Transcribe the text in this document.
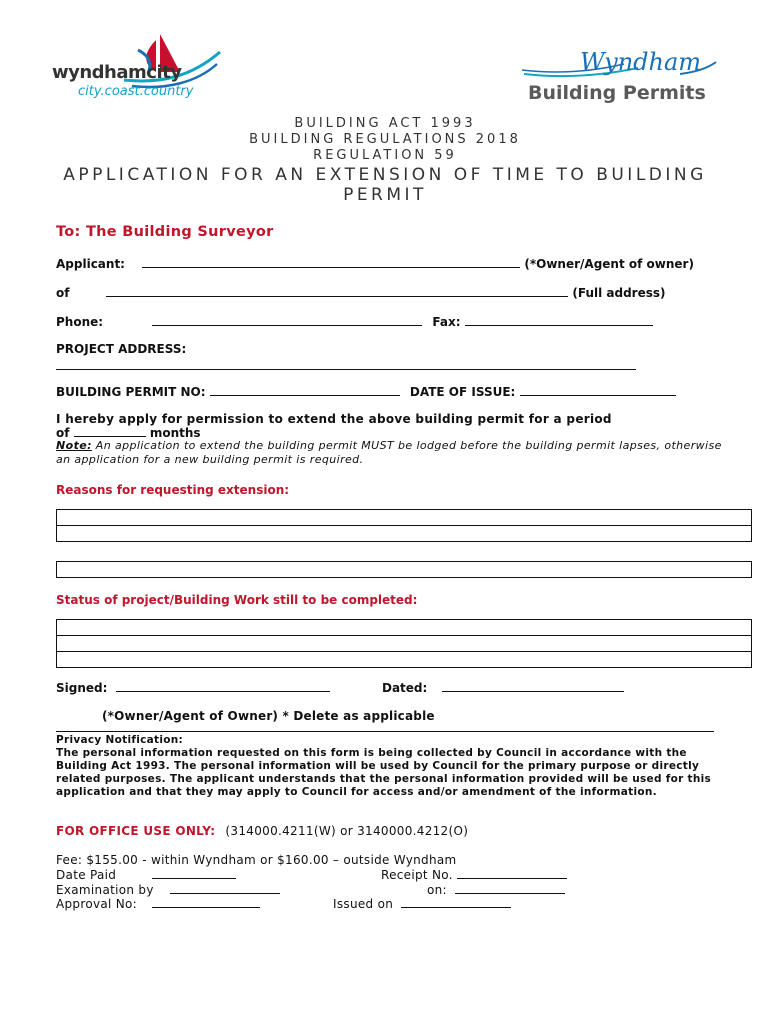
wyndhamcity
city.coast.country
Wyndham
Building Permits
BUILDING ACT 1993
BUILDING REGULATIONS 2018
REGULATION 59
APPLICATION FOR AN EXTENSION OF TIME TO BUILDING PERMIT
To: The Building Surveyor
Applicant:	(*Owner/Agent of owner)
of	(Full address)
Phone:	Fax:
PROJECT ADDRESS:
BUILDING PERMIT NO:	DATE OF ISSUE:
I hereby apply for permission to extend the above building permit for a period
of	months
Note: An application to extend the building permit MUST be lodged before the building permit lapses, otherwise an application for a new building permit is required.
Reasons for requesting extension:
Status of project/Building Work still to be completed:
Signed:	Dated:
(*Owner/Agent of Owner) * Delete as applicable
Privacy Notification:
The personal information requested on this form is being collected by Council in accordance with the Building Act 1993. The personal information will be used by Council for the primary purpose or directly related purposes. The applicant understands that the personal information provided will be used for this application and that they may apply to Council for access and/or amendment of the information.
FOR OFFICE USE ONLY: (314000.4211(W) or 3140000.4212(O)
Fee: $155.00 - within Wyndham or $160.00 – outside Wyndham
Date Paid	Receipt No.
Examination by	on:
Approval No:	Issued on
